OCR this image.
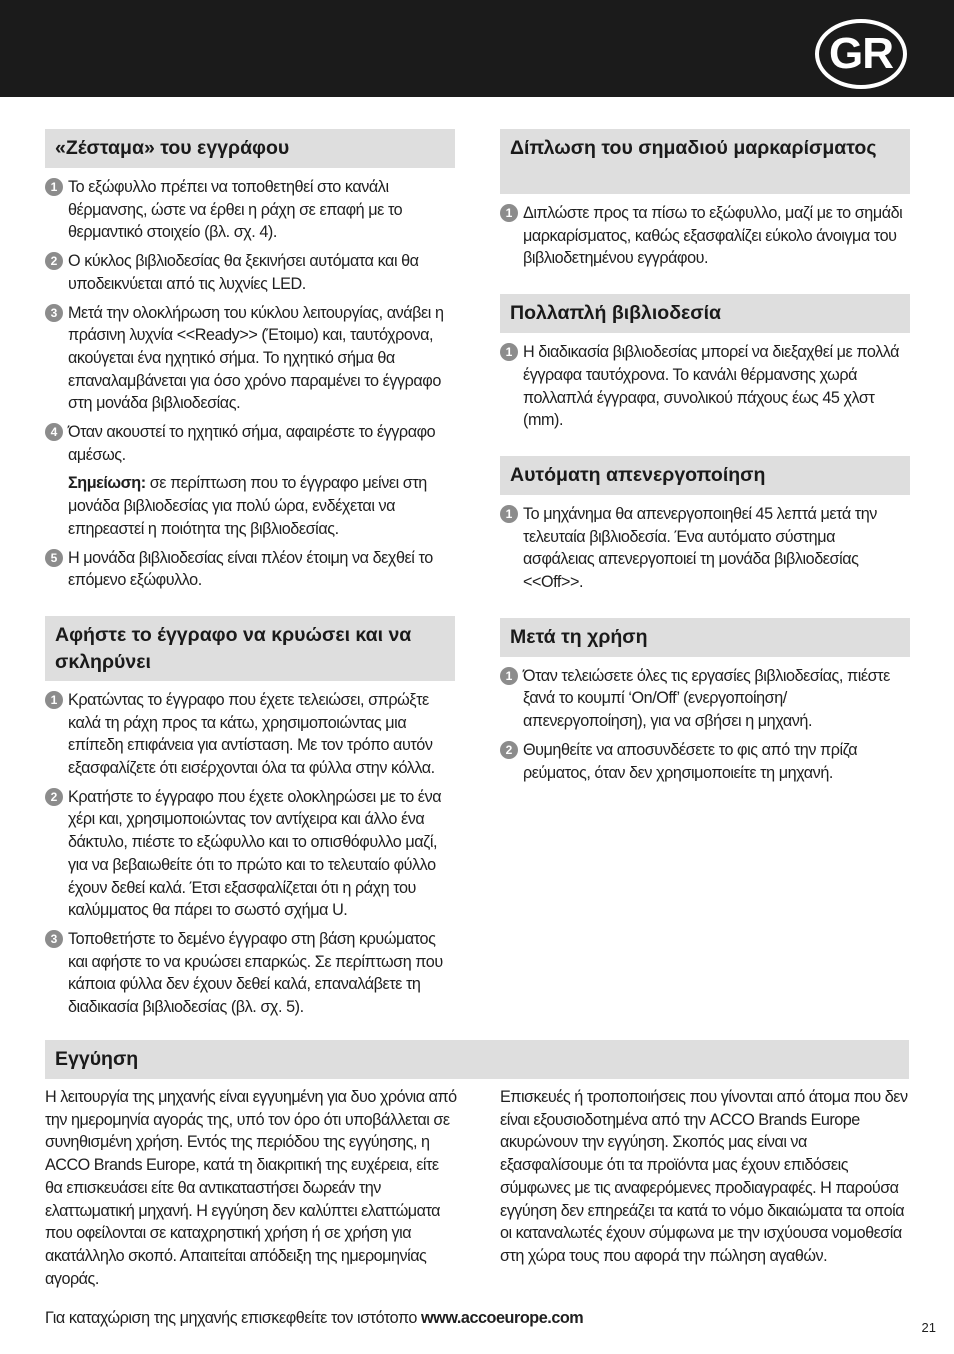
GR
«Ζέσταμα» του εγγράφου
1 Το εξώφυλλο πρέπει να τοποθετηθεί στο κανάλι θέρμανσης, ώστε να έρθει η ράχη σε επαφή με το θερμαντικό στοιχείο (βλ. σχ. 4).
2 Ο κύκλος βιβλιοδεσίας θα ξεκινήσει αυτόματα και θα υποδεικνύεται από τις λυχνίες LED.
3 Μετά την ολοκλήρωση του κύκλου λειτουργίας, ανάβει η πράσινη λυχνία <<Ready>> (Έτοιμο) και, ταυτόχρονα, ακούγεται ένα ηχητικό σήμα. Το ηχητικό σήμα θα επαναλαμβάνεται για όσο χρόνο παραμένει το έγγραφο στη μονάδα βιβλιοδεσίας.
4 Όταν ακουστεί το ηχητικό σήμα, αφαιρέστε το έγγραφο αμέσως.
Σημείωση: σε περίπτωση που το έγγραφο μείνει στη μονάδα βιβλιοδεσίας για πολύ ώρα, ενδέχεται να επηρεαστεί η ποιότητα της βιβλιοδεσίας.
5 Η μονάδα βιβλιοδεσίας είναι πλέον έτοιμη να δεχθεί το επόμενο εξώφυλλο.
Αφήστε το έγγραφο να κρυώσει και να σκληρύνει
1 Κρατώντας το έγγραφο που έχετε τελειώσει, σπρώξτε καλά τη ράχη προς τα κάτω, χρησιμοποιώντας μια επίπεδη επιφάνεια για αντίσταση. Με τον τρόπο αυτόν εξασφαλίζετε ότι εισέρχονται όλα τα φύλλα στην κόλλα.
2 Κρατήστε το έγγραφο που έχετε ολοκληρώσει με το ένα χέρι και, χρησιμοποιώντας τον αντίχειρα και άλλο ένα δάκτυλο, πιέστε το εξώφυλλο και το οπισθόφυλλο μαζί, για να βεβαιωθείτε ότι το πρώτο και το τελευταίο φύλλο έχουν δεθεί καλά. Έτσι εξασφαλίζεται ότι η ράχη του καλύμματος θα πάρει το σωστό σχήμα U.
3 Τοποθετήστε το δεμένο έγγραφο στη βάση κρυώματος και αφήστε το να κρυώσει επαρκώς. Σε περίπτωση που κάποια φύλλα δεν έχουν δεθεί καλά, επαναλάβετε τη διαδικασία βιβλιοδεσίας (βλ. σχ. 5).
Δίπλωση του σημαδιού μαρκαρίσματος
1 Διπλώστε προς τα πίσω το εξώφυλλο, μαζί με το σημάδι μαρκαρίσματος, καθώς εξασφαλίζει εύκολο άνοιγμα του βιβλιοδετημένου εγγράφου.
Πολλαπλή βιβλιοδεσία
1 Η διαδικασία βιβλιοδεσίας μπορεί να διεξαχθεί με πολλά έγγραφα ταυτόχρονα. Το κανάλι θέρμανσης χωρά πολλαπλά έγγραφα, συνολικού πάχους έως 45 χλστ (mm).
Αυτόματη απενεργοποίηση
1 Το μηχάνημα θα απενεργοποιηθεί 45 λεπτά μετά την τελευταία βιβλιοδεσία. Ένα αυτόματο σύστημα ασφάλειας απενεργοποιεί τη μονάδα βιβλιοδεσίας <<Off>>.
Μετά τη χρήση
1 Όταν τελειώσετε όλες τις εργασίες βιβλιοδεσίας, πιέστε ξανά το κουμπί ‘On/Off’ (ενεργοποίηση/απενεργοποίηση), για να σβήσει η μηχανή.
2 Θυμηθείτε να αποσυνδέσετε το φις από την πρίζα ρεύματος, όταν δεν χρησιμοποιείτε τη μηχανή.
Εγγύηση
Η λειτουργία της μηχανής είναι εγγυημένη για δυο χρόνια από την ημερομηνία αγοράς της, υπό τον όρο ότι υποβάλλεται σε συνηθισμένη χρήση. Εντός της περιόδου της εγγύησης, η ACCO Brands Europe, κατά τη διακριτική της ευχέρεια, είτε θα επισκευάσει είτε θα αντικαταστήσει δωρεάν την ελαττωματική μηχανή. Η εγγύηση δεν καλύπτει ελαττώματα που οφείλονται σε καταχρηστική χρήση ή σε χρήση για ακατάλληλο σκοπό. Απαιτείται απόδειξη της ημερομηνίας αγοράς.
Επισκευές ή τροποποιήσεις που γίνονται από άτομα που δεν είναι εξουσιοδοτημένα από την ACCO Brands Europe ακυρώνουν την εγγύηση. Σκοπός μας είναι να εξασφαλίσουμε ότι τα προϊόντα μας έχουν επιδόσεις σύμφωνες με τις αναφερόμενες προδιαγραφές. Η παρούσα εγγύηση δεν επηρεάζει τα κατά το νόμο δικαιώματα τα οποία οι καταναλωτές έχουν σύμφωνα με την ισχύουσα νομοθεσία στη χώρα τους που αφορά την πώληση αγαθών.
Για καταχώριση της μηχανής επισκεφθείτε τον ιστότοπο www.accoeurope.com
21
